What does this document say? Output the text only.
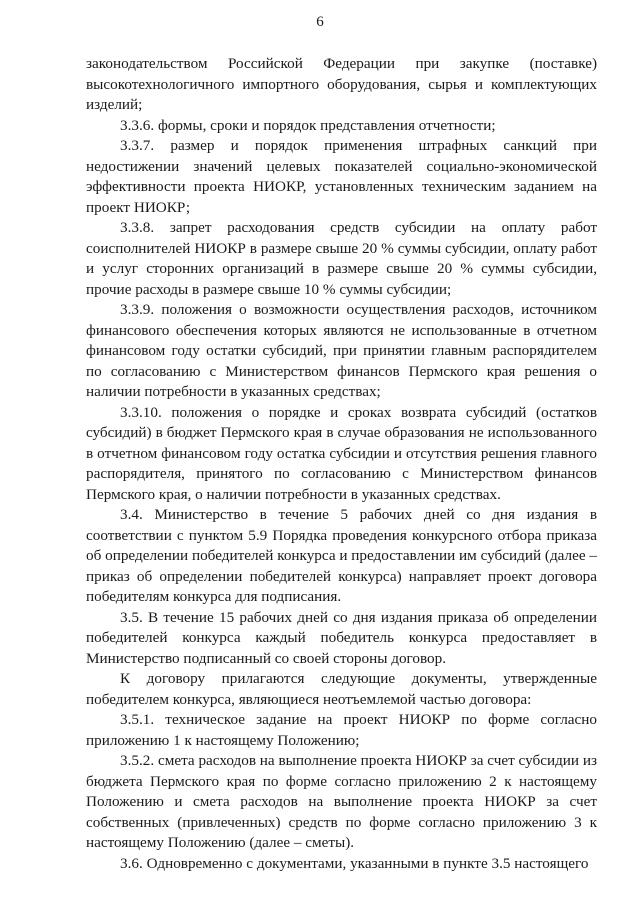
6

законодательством Российской Федерации при закупке (поставке) высокотехнологичного импортного оборудования, сырья и комплектующих изделий;

3.3.6. формы, сроки и порядок представления отчетности;

3.3.7. размер и порядок применения штрафных санкций при недостижении значений целевых показателей социально-экономической эффективности проекта НИОКР, установленных техническим заданием на проект НИОКР;

3.3.8. запрет расходования средств субсидии на оплату работ соисполнителей НИОКР в размере свыше 20 % суммы субсидии, оплату работ и услуг сторонних организаций в размере свыше 20 % суммы субсидии, прочие расходы в размере свыше 10 % суммы субсидии;

3.3.9. положения о возможности осуществления расходов, источником финансового обеспечения которых являются не использованные в отчетном финансовом году остатки субсидий, при принятии главным распорядителем по согласованию с Министерством финансов Пермского края решения о наличии потребности в указанных средствах;

3.3.10. положения о порядке и сроках возврата субсидий (остатков субсидий) в бюджет Пермского края в случае образования не использованного в отчетном финансовом году остатка субсидии и отсутствия решения главного распорядителя, принятого по согласованию с Министерством финансов Пермского края, о наличии потребности в указанных средствах.

3.4. Министерство в течение 5 рабочих дней со дня издания в соответствии с пунктом 5.9 Порядка проведения конкурсного отбора приказа об определении победителей конкурса и предоставлении им субсидий (далее – приказ об определении победителей конкурса) направляет проект договора победителям конкурса для подписания.

3.5. В течение 15 рабочих дней со дня издания приказа об определении победителей конкурса каждый победитель конкурса предоставляет в Министерство подписанный со своей стороны договор.

К договору прилагаются следующие документы, утвержденные победителем конкурса, являющиеся неотъемлемой частью договора:

3.5.1. техническое задание на проект НИОКР по форме согласно приложению 1 к настоящему Положению;

3.5.2. смета расходов на выполнение проекта НИОКР за счет субсидии из бюджета Пермского края по форме согласно приложению 2 к настоящему Положению и смета расходов на выполнение проекта НИОКР за счет собственных (привлеченных) средств по форме согласно приложению 3 к настоящему Положению (далее – сметы).

3.6. Одновременно с документами, указанными в пункте 3.5 настоящего
